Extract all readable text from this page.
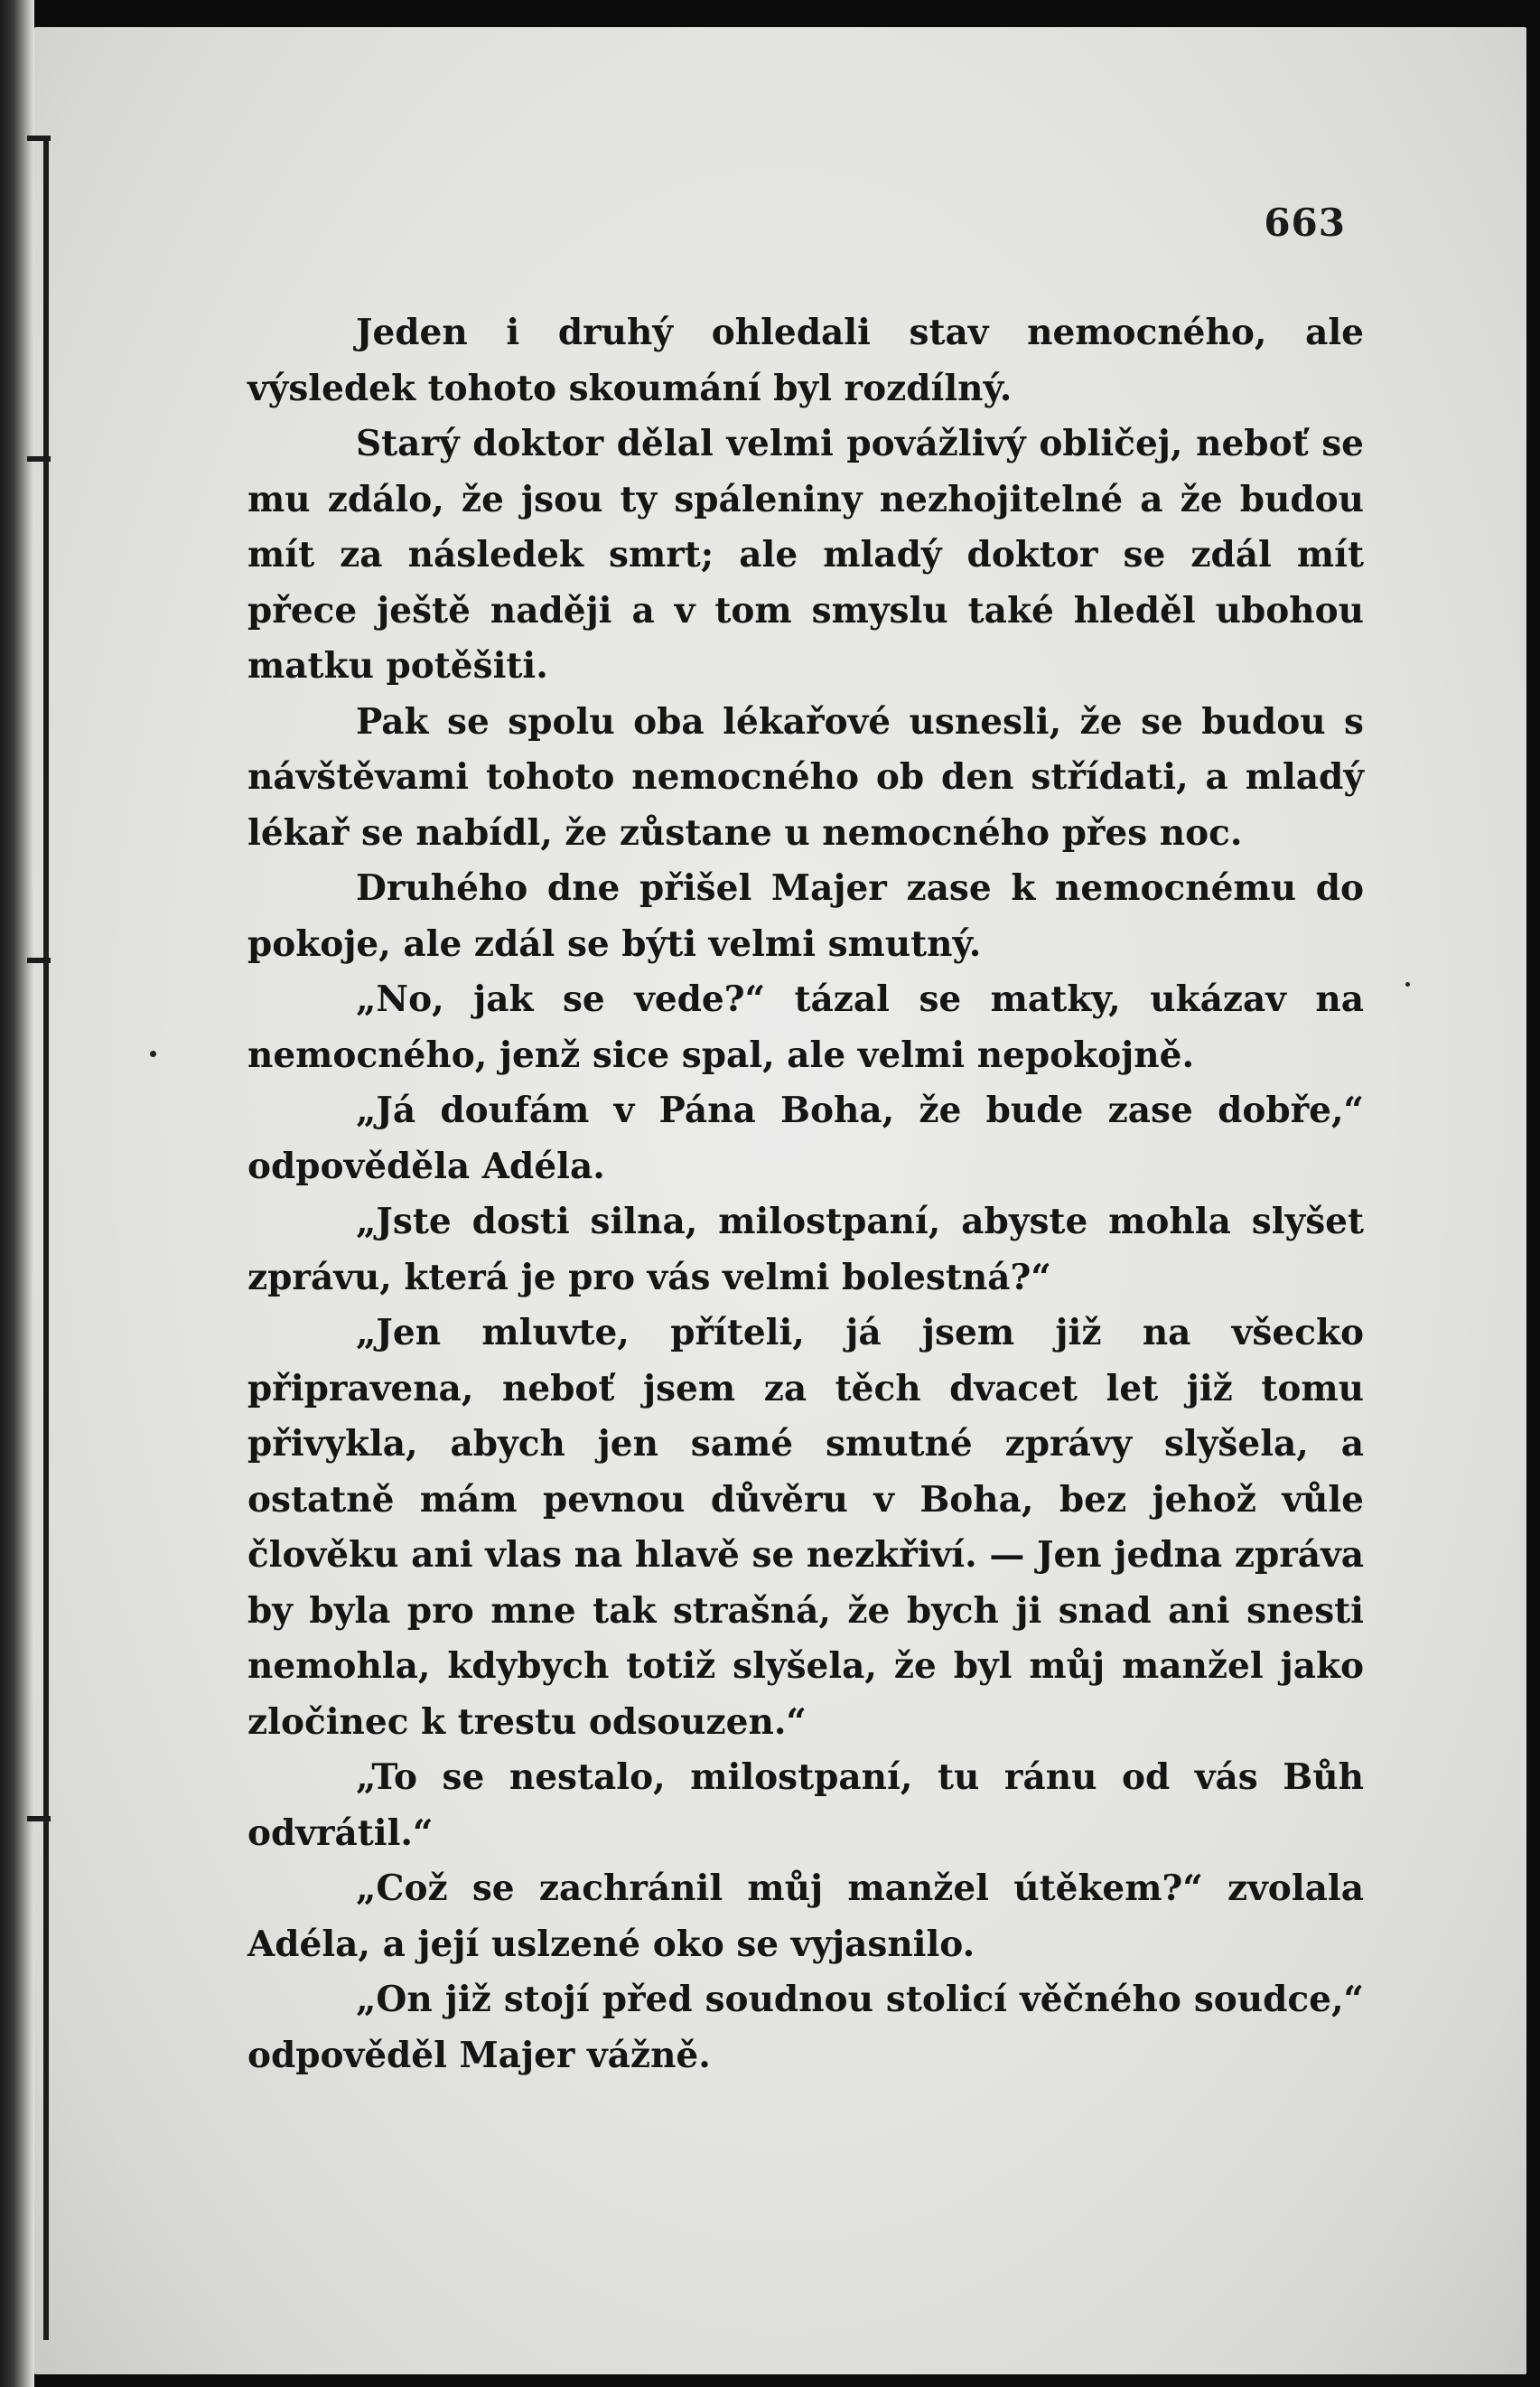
663

Jeden i druhý ohledali stav nemocného, ale výsledek tohoto skoumání byl rozdílný.

Starý doktor dělal velmi povážlivý obličej, neboť se mu zdálo, že jsou ty spáleniny nezhojitelné a že budou mít za následek smrt; ale mladý doktor se zdál mít přece ještě naději a v tom smyslu také hleděl ubohou matku potěšiti.

Pak se spolu oba lékařové usnesli, že se budou s návštěvami tohoto nemocného ob den střídati, a mladý lékař se nabídl, že zůstane u nemocného přes noc.

Druhého dne přišel Majer zase k nemocnému do pokoje, ale zdál se býti velmi smutný.

„No, jak se vede?“ tázal se matky, ukázav na nemocného, jenž sice spal, ale velmi nepokojně.

„Já doufám v Pána Boha, že bude zase dobře,“ odpověděla Adéla.

„Jste dosti silna, milostpaní, abyste mohla slyšet zprávu, která je pro vás velmi bolestná?“

„Jen mluvte, příteli, já jsem již na všecko připravena, neboť jsem za těch dvacet let již tomu přivykla, abych jen samé smutné zprávy slyšela, a ostatně mám pevnou důvěru v Boha, bez jehož vůle člověku ani vlas na hlavě se nezkřiví. — Jen jedna zpráva by byla pro mne tak strašná, že bych ji snad ani snesti nemohla, kdybych totiž slyšela, že byl můj manžel jako zločinec k trestu odsouzen.“

„To se nestalo, milostpaní, tu ránu od vás Bůh odvrátil.“

„Což se zachránil můj manžel útěkem?“ zvolala Adéla, a její uslzené oko se vyjasnilo.

„On již stojí před soudnou stolicí věčného soudce,“ odpověděl Majer vážně.
